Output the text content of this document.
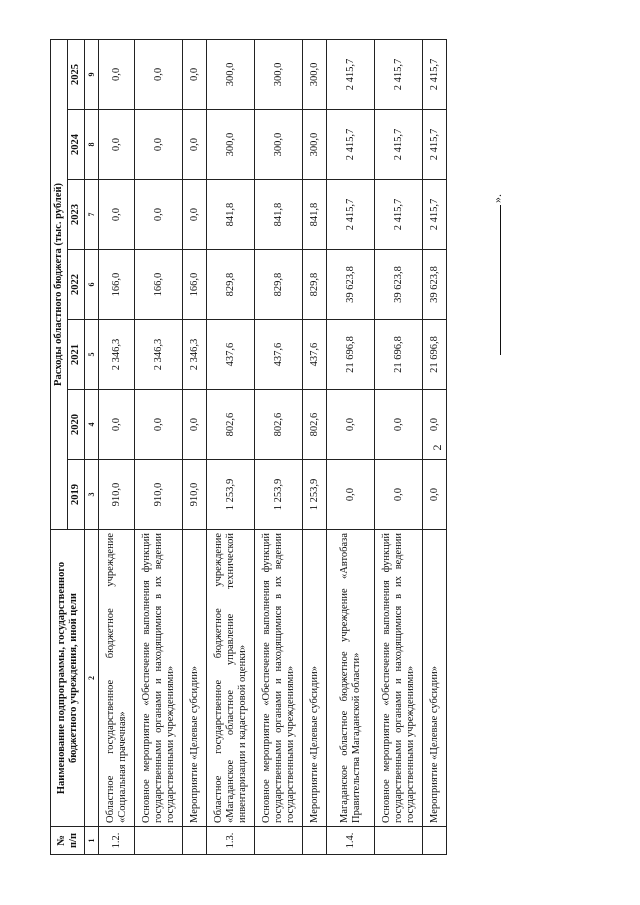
№ п/п	Наименование подпрограммы, государственного бюджетного учреждения, иной цели	Расходы областного бюджета (тыс. рублей)						
		2019	2020	2021	2022	2023	2024	2025
1	2	3	4	5	6	7	8	9
1.2.	Областное государственное бюджетное учреждение «Социальная прачечная»	910,0	0,0	2 346,3	166,0	0,0	0,0	0,0
	Основное мероприятие «Обеспечение выполнения функций государственными органами и находящимися в их ведении государственными учреждениями»	910,0	0,0	2 346,3	166,0	0,0	0,0	0,0
	Мероприятие «Целевые субсидии»	910,0	0,0	2 346,3	166,0	0,0	0,0	0,0
1.3.	Областное государственное бюджетное учреждение «Магаданское областное управление технической инвентаризации и кадастровой оценки»	1 253,9	802,6	437,6	829,8	841,8	300,0	300,0
	Основное мероприятие «Обеспечение выполнения функций государственными органами и находящимися в их ведении государственными учреждениями»	1 253,9	802,6	437,6	829,8	841,8	300,0	300,0
	Мероприятие «Целевые субсидии»	1 253,9	802,6	437,6	829,8	841,8	300,0	300,0
1.4.	Магаданское областное бюджетное учреждение «Автобаза Правительства Магаданской области»	0,0	0,0	21 696,8	39 623,8	2 415,7	2 415,7	2 415,7
	Основное мероприятие «Обеспечение выполнения функций государственными органами и находящимися в их ведении государственными учреждениями»	0,0	0,0	21 696,8	39 623,8	2 415,7	2 415,7	2 415,7
	Мероприятие «Целевые субсидии»	0,0	0,0	21 696,8	39 623,8	2 415,7	2 415,7	2 415,7
2
».
